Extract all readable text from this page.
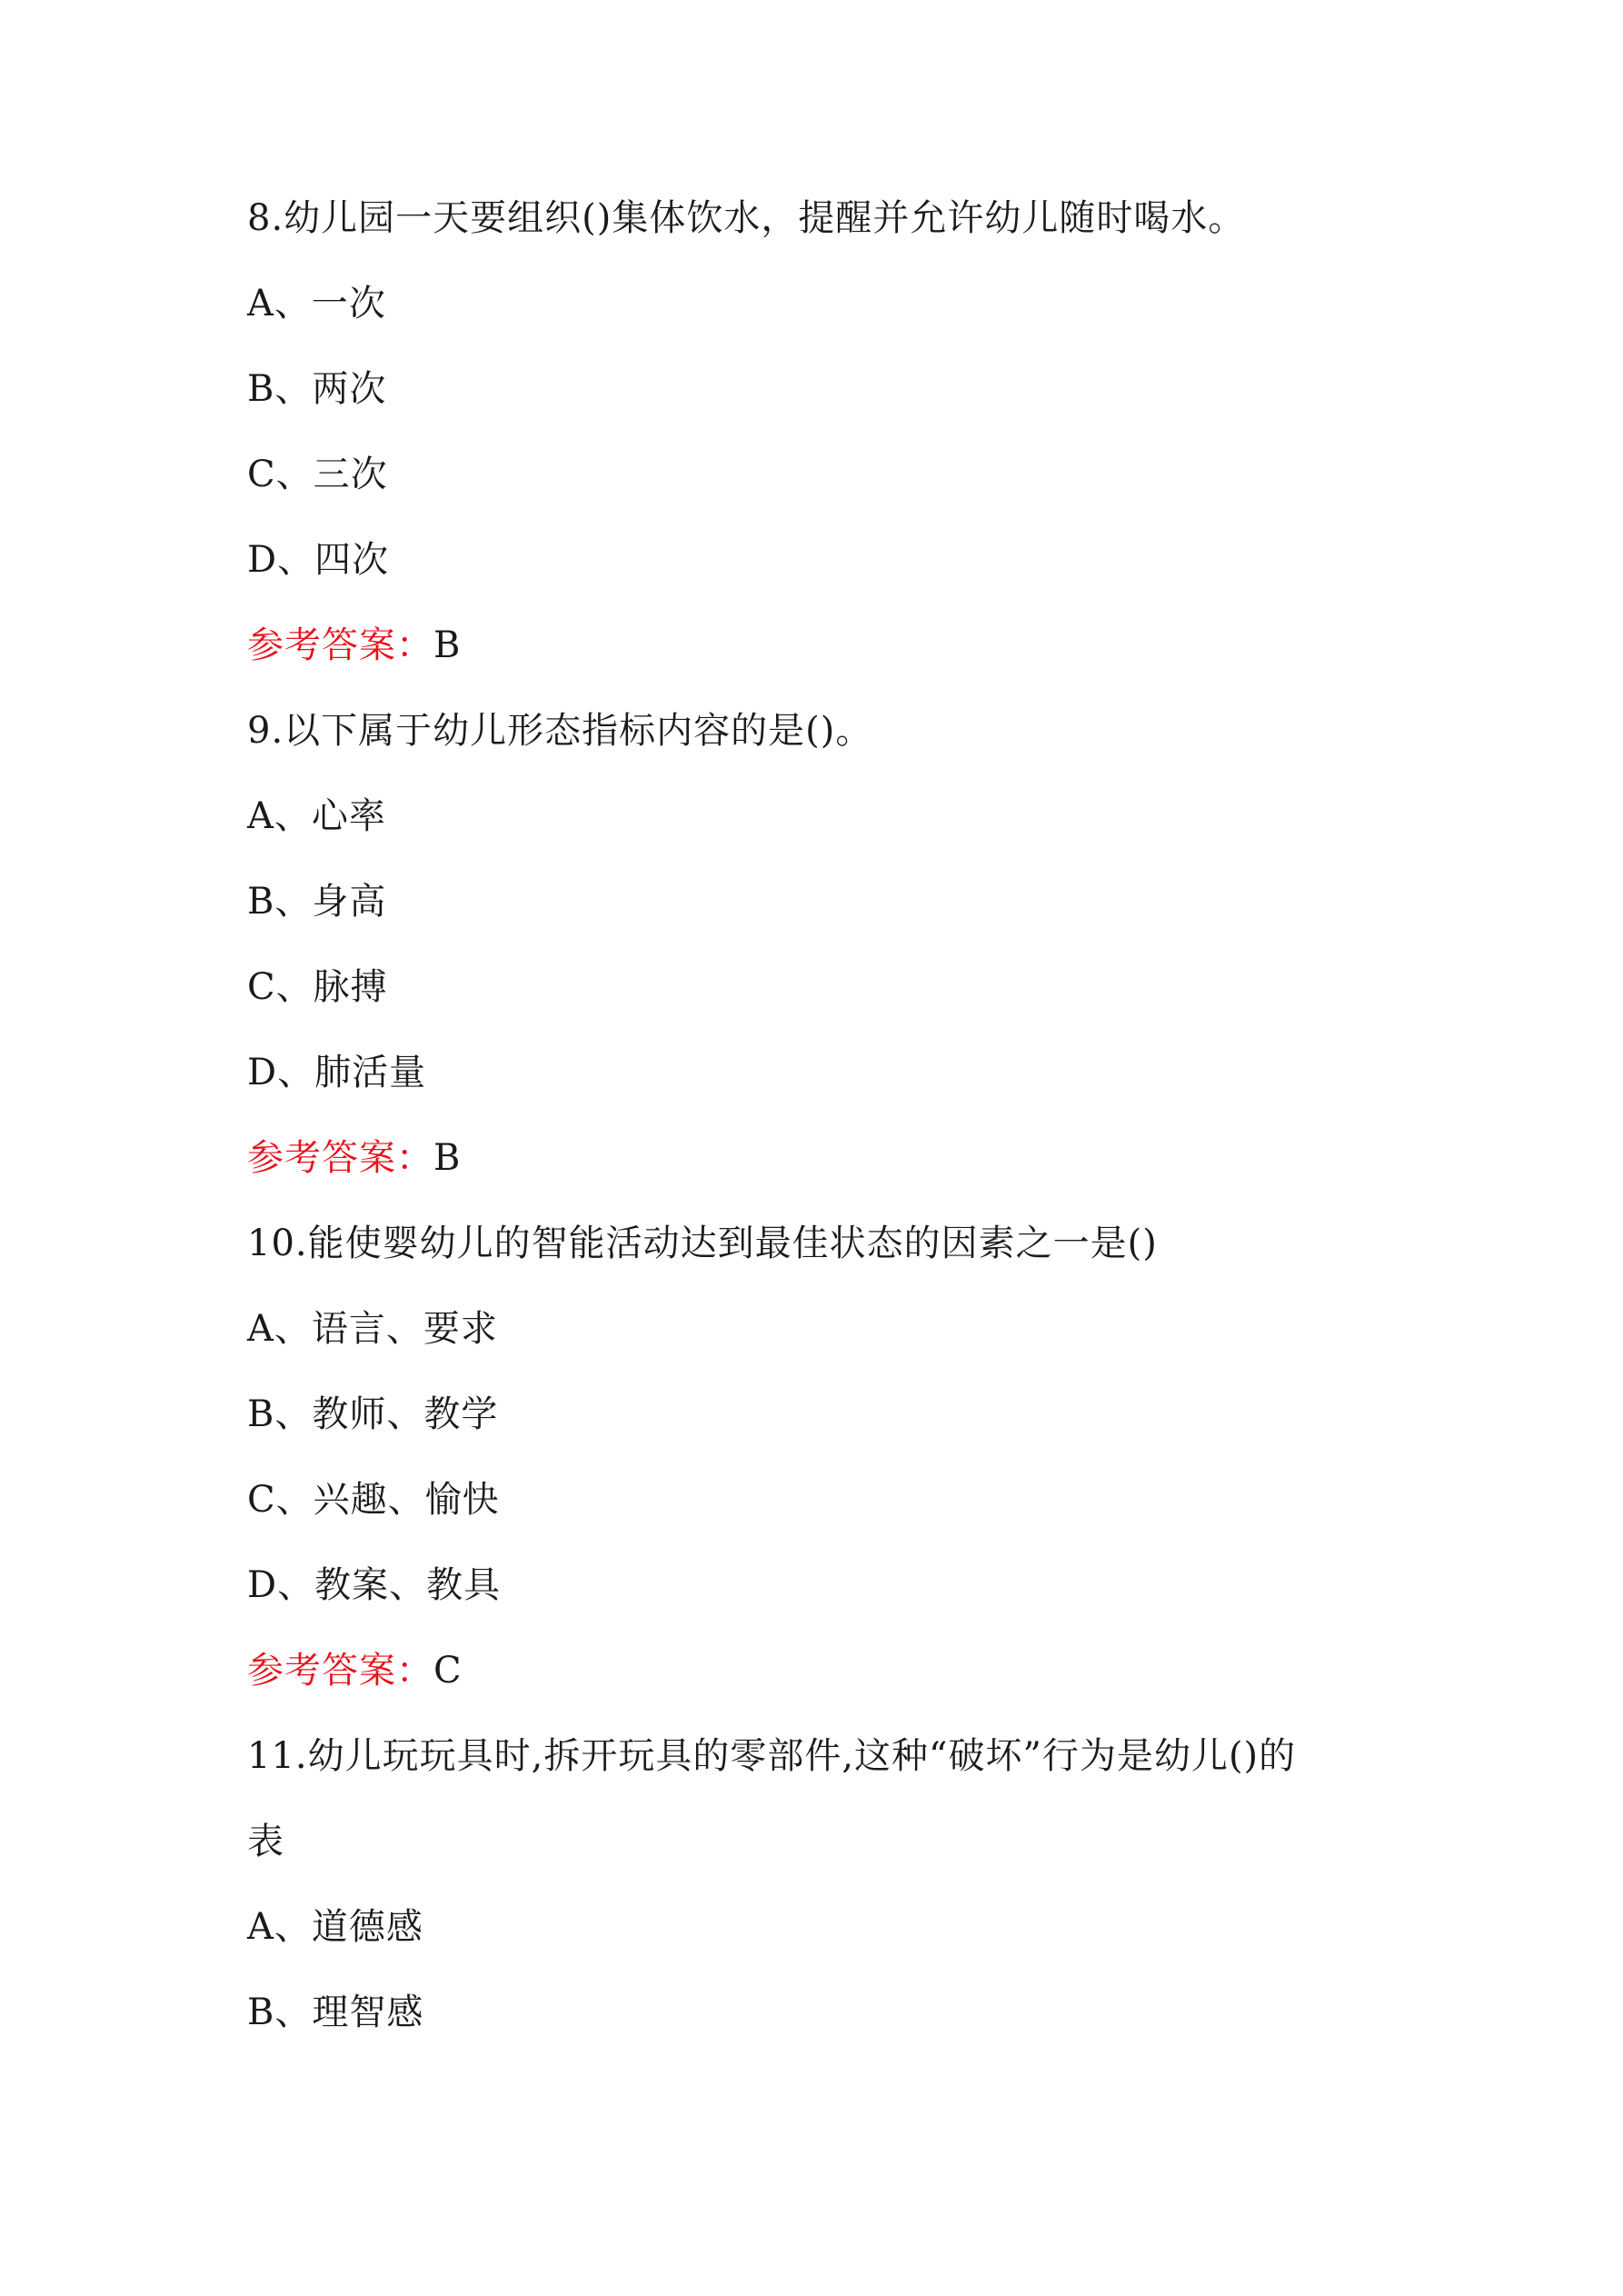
8.幼儿园一天要组织()集体饮水，提醒并允许幼儿随时喝水。
A、一次
B、两次
C、三次
D、四次
参考答案：B
9.以下属于幼儿形态指标内容的是()。
A、心率
B、身高
C、脉搏
D、肺活量
参考答案：B
10.能使婴幼儿的智能活动达到最佳状态的因素之一是()
A、语言、要求
B、教师、教学
C、兴趣、愉快
D、教案、教具
参考答案：C
11.幼儿玩玩具时,拆开玩具的零部件,这种“破坏”行为是幼儿()的
表
A、道德感
B、理智感
